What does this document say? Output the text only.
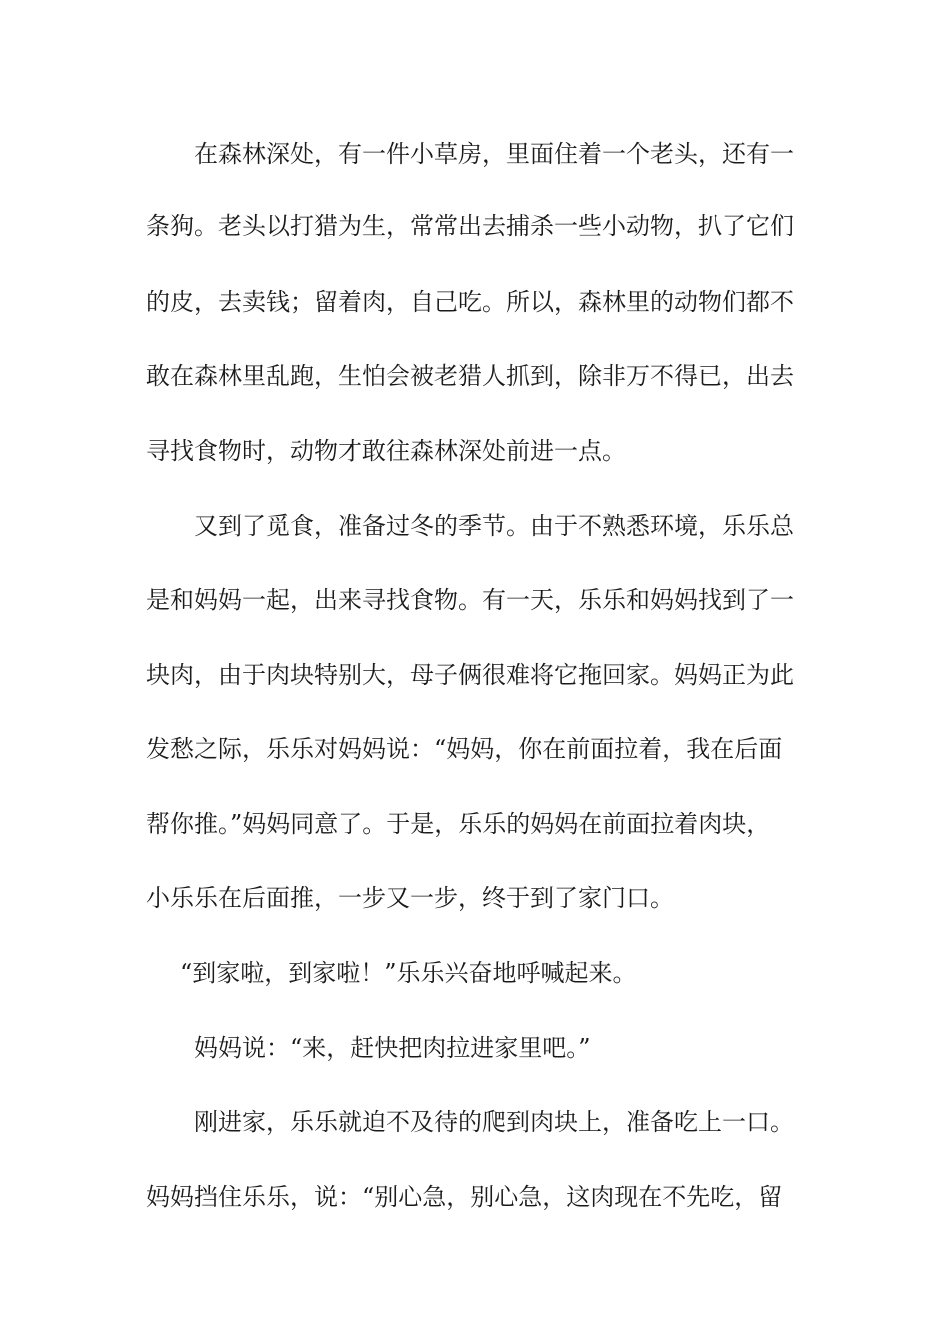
在森林深处，有一件小草房，里面住着一个老头，还有一
条狗。老头以打猎为生，常常出去捕杀一些小动物，扒了它们
的皮，去卖钱；留着肉，自己吃。所以，森林里的动物们都不
敢在森林里乱跑，生怕会被老猎人抓到，除非万不得已，出去
寻找食物时，动物才敢往森林深处前进一点。
又到了觅食，准备过冬的季节。由于不熟悉环境，乐乐总
是和妈妈一起，出来寻找食物。有一天，乐乐和妈妈找到了一
块肉，由于肉块特别大，母子俩很难将它拖回家。妈妈正为此
发愁之际，乐乐对妈妈说：“妈妈，你在前面拉着，我在后面
帮你推。”妈妈同意了。于是，乐乐的妈妈在前面拉着肉块，
小乐乐在后面推，一步又一步，终于到了家门口。
“到家啦，到家啦！”乐乐兴奋地呼喊起来。
妈妈说：“来，赶快把肉拉进家里吧。”
刚进家，乐乐就迫不及待的爬到肉块上，准备吃上一口。
妈妈挡住乐乐，说：“别心急，别心急，这肉现在不先吃，留
